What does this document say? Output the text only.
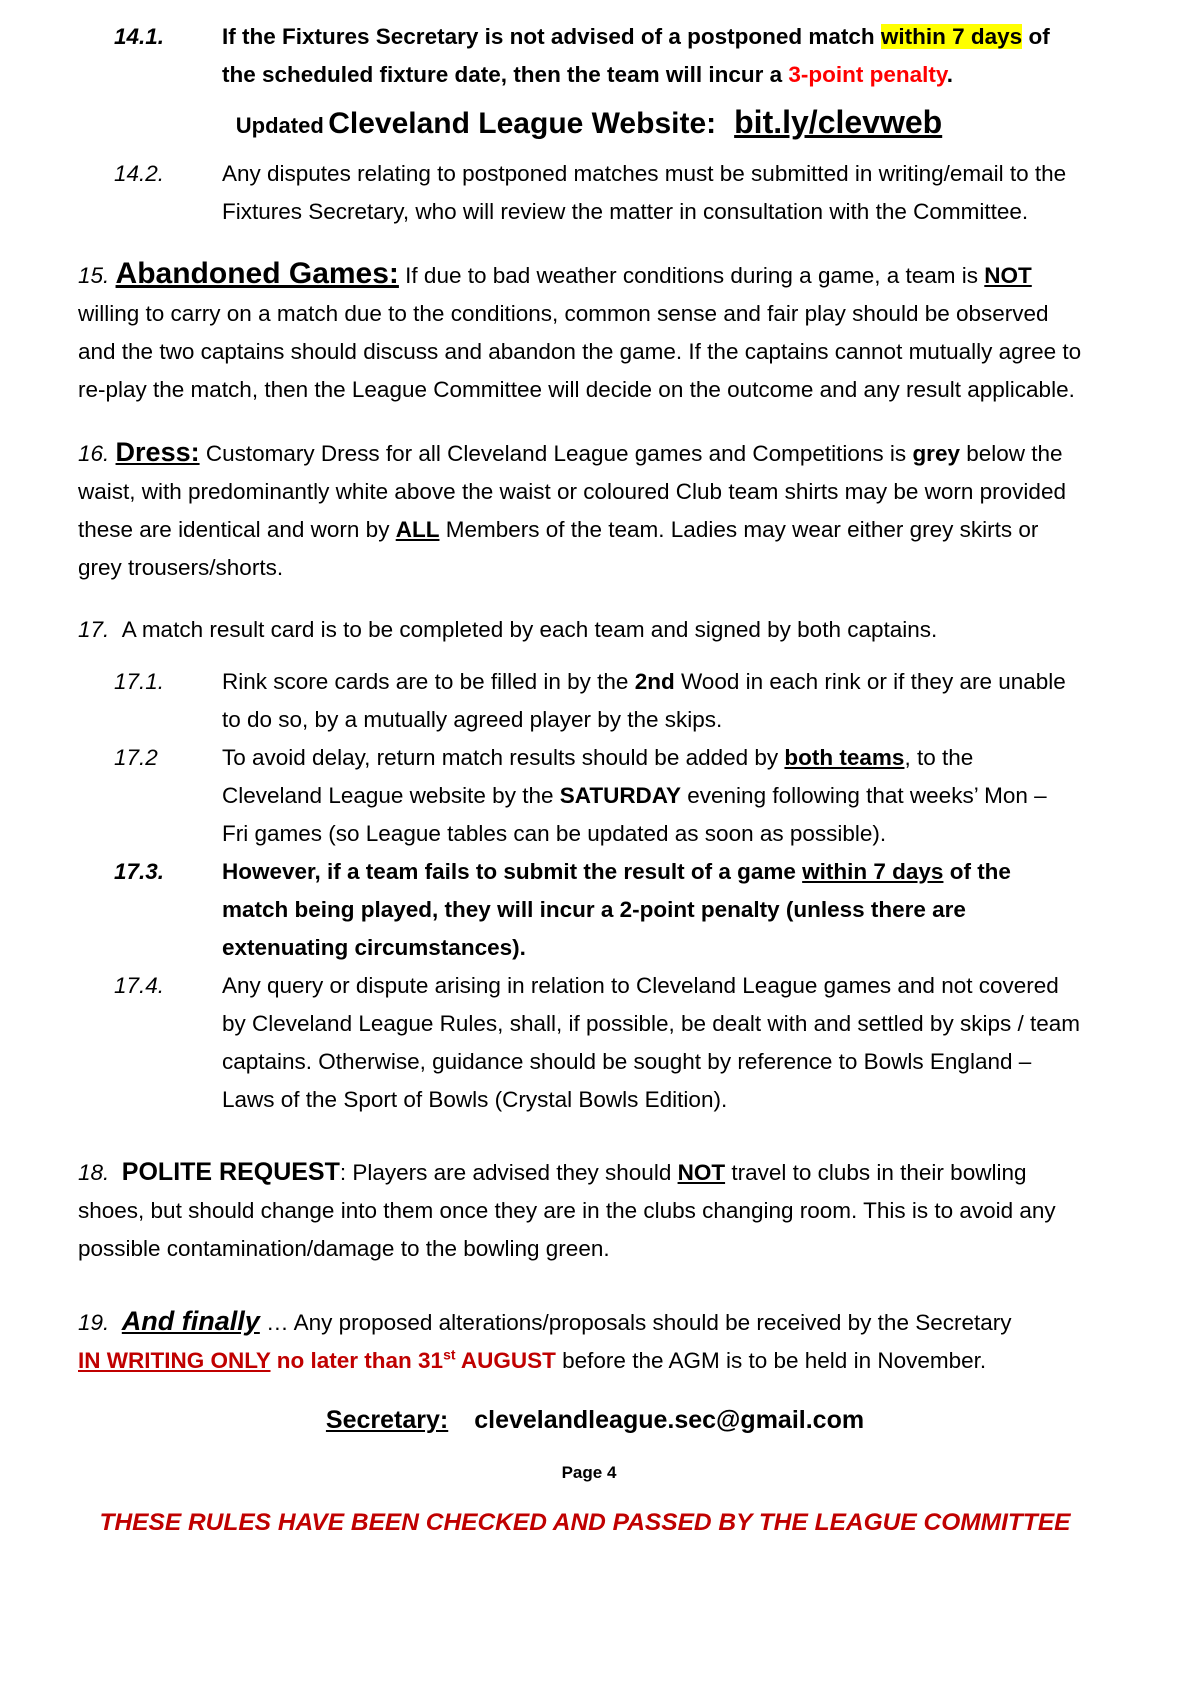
14.1.	If the Fixtures Secretary is not advised of a postponed match within 7 days of the scheduled fixture date, then the team will incur a 3-point penalty.
Updated Cleveland League Website: bit.ly/clevweb
14.2.	Any disputes relating to postponed matches must be submitted in writing/email to the Fixtures Secretary, who will review the matter in consultation with the Committee.
15. Abandoned Games: If due to bad weather conditions during a game, a team is NOT willing to carry on a match due to the conditions, common sense and fair play should be observed and the two captains should discuss and abandon the game. If the captains cannot mutually agree to re-play the match, then the League Committee will decide on the outcome and any result applicable.
16. Dress: Customary Dress for all Cleveland League games and Competitions is grey below the waist, with predominantly white above the waist or coloured Club team shirts may be worn provided these are identical and worn by ALL Members of the team. Ladies may wear either grey skirts or grey trousers/shorts.
17. A match result card is to be completed by each team and signed by both captains.
17.1.	Rink score cards are to be filled in by the 2nd Wood in each rink or if they are unable to do so, by a mutually agreed player by the skips.
17.2	To avoid delay, return match results should be added by both teams, to the Cleveland League website by the SATURDAY evening following that weeks’ Mon – Fri games (so League tables can be updated as soon as possible).
17.3.	However, if a team fails to submit the result of a game within 7 days of the match being played, they will incur a 2-point penalty (unless there are extenuating circumstances).
17.4.	Any query or dispute arising in relation to Cleveland League games and not covered by Cleveland League Rules, shall, if possible, be dealt with and settled by skips / team captains. Otherwise, guidance should be sought by reference to Bowls England – Laws of the Sport of Bowls (Crystal Bowls Edition).
18. POLITE REQUEST: Players are advised they should NOT travel to clubs in their bowling shoes, but should change into them once they are in the clubs changing room. This is to avoid any possible contamination/damage to the bowling green.
19. And finally … Any proposed alterations/proposals should be received by the Secretary IN WRITING ONLY no later than 31st AUGUST before the AGM is to be held in November.
Secretary: clevelandleague.sec@gmail.com
Page 4
THESE RULES HAVE BEEN CHECKED AND PASSED BY THE LEAGUE COMMITTEE
